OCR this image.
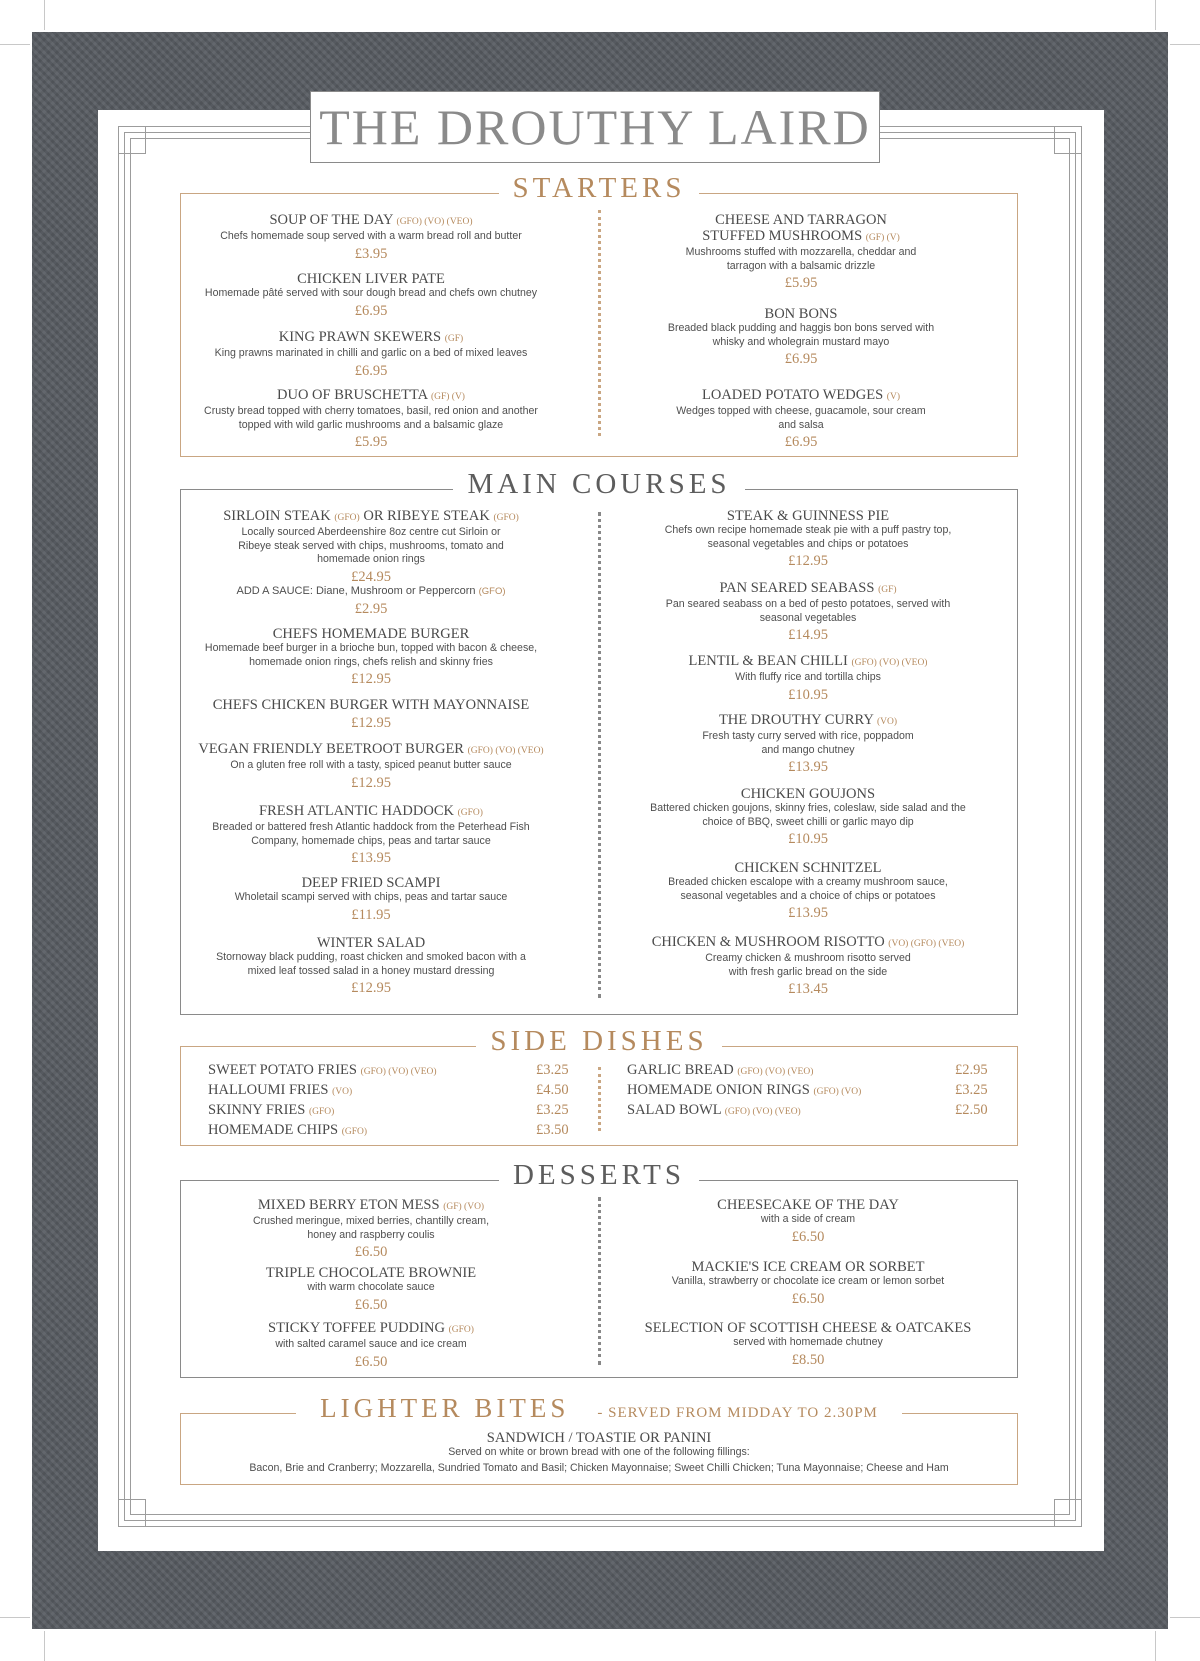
THE DROUTHY LAIRD
STARTERS
SOUP OF THE DAY (GFO) (VO) (VEO)
Chefs homemade soup served with a warm bread roll and butter
£3.95
CHICKEN LIVER PATE
Homemade pâté served with sour dough bread and chefs own chutney
£6.95
KING PRAWN SKEWERS (GF)
King prawns marinated in chilli and garlic on a bed of mixed leaves
£6.95
DUO OF BRUSCHETTA (GF) (V)
Crusty bread topped with cherry tomatoes, basil, red onion and another topped with wild garlic mushrooms and a balsamic glaze
£5.95
CHEESE AND TARRAGON
STUFFED MUSHROOMS (GF) (V)
Mushrooms stuffed with mozzarella, cheddar and tarragon with a balsamic drizzle
£5.95
BON BONS
Breaded black pudding and haggis bon bons served with whisky and wholegrain mustard mayo
£6.95
LOADED POTATO WEDGES (V)
Wedges topped with cheese, guacamole, sour cream and salsa
£6.95
MAIN COURSES
SIRLOIN STEAK (GFO) OR RIBEYE STEAK (GFO)
Locally sourced Aberdeenshire 8oz centre cut Sirloin or Ribeye steak served with chips, mushrooms, tomato and homemade onion rings
£24.95
ADD A SAUCE: Diane, Mushroom or Peppercorn (GFO)
£2.95
CHEFS HOMEMADE BURGER
Homemade beef burger in a brioche bun, topped with bacon & cheese, homemade onion rings, chefs relish and skinny fries
£12.95
CHEFS CHICKEN BURGER WITH MAYONNAISE
£12.95
VEGAN FRIENDLY BEETROOT BURGER (GFO) (VO) (VEO)
On a gluten free roll with a tasty, spiced peanut butter sauce
£12.95
FRESH ATLANTIC HADDOCK (GFO)
Breaded or battered fresh Atlantic haddock from the Peterhead Fish Company, homemade chips, peas and tartar sauce
£13.95
DEEP FRIED SCAMPI
Wholetail scampi served with chips, peas and tartar sauce
£11.95
WINTER SALAD
Stornoway black pudding, roast chicken and smoked bacon with a mixed leaf tossed salad in a honey mustard dressing
£12.95
STEAK & GUINNESS PIE
Chefs own recipe homemade steak pie with a puff pastry top, seasonal vegetables and chips or potatoes
£12.95
PAN SEARED SEABASS (GF)
Pan seared seabass on a bed of pesto potatoes, served with seasonal vegetables
£14.95
LENTIL & BEAN CHILLI (GFO) (VO) (VEO)
With fluffy rice and tortilla chips
£10.95
THE DROUTHY CURRY (VO)
Fresh tasty curry served with rice, poppadom and mango chutney
£13.95
CHICKEN GOUJONS
Battered chicken goujons, skinny fries, coleslaw, side salad and the choice of BBQ, sweet chilli or garlic mayo dip
£10.95
CHICKEN SCHNITZEL
Breaded chicken escalope with a creamy mushroom sauce, seasonal vegetables and a choice of chips or potatoes
£13.95
CHICKEN & MUSHROOM RISOTTO (VO) (GFO) (VEO)
Creamy chicken & mushroom risotto served with fresh garlic bread on the side
£13.45
SIDE DISHES
SWEET POTATO FRIES (GFO) (VO) (VEO)	£3.25
HALLOUMI FRIES (VO)	£4.50
SKINNY FRIES (GFO)	£3.25
HOMEMADE CHIPS (GFO)	£3.50
GARLIC BREAD (GFO) (VO) (VEO)	£2.95
HOMEMADE ONION RINGS (GFO) (VO)	£3.25
SALAD BOWL (GFO) (VO) (VEO)	£2.50
DESSERTS
MIXED BERRY ETON MESS (GF) (VO)
Crushed meringue, mixed berries, chantilly cream, honey and raspberry coulis
£6.50
TRIPLE CHOCOLATE BROWNIE
with warm chocolate sauce
£6.50
STICKY TOFFEE PUDDING (GFO)
with salted caramel sauce and ice cream
£6.50
CHEESECAKE OF THE DAY
with a side of cream
£6.50
MACKIE'S ICE CREAM OR SORBET
Vanilla, strawberry or chocolate ice cream or lemon sorbet
£6.50
SELECTION OF SCOTTISH CHEESE & OATCAKES
served with homemade chutney
£8.50
LIGHTER BITES - SERVED FROM MIDDAY TO 2.30PM
SANDWICH / TOASTIE OR PANINI
Served on white or brown bread with one of the following fillings:
Bacon, Brie and Cranberry; Mozzarella, Sundried Tomato and Basil; Chicken Mayonnaise; Sweet Chilli Chicken; Tuna Mayonnaise; Cheese and Ham
